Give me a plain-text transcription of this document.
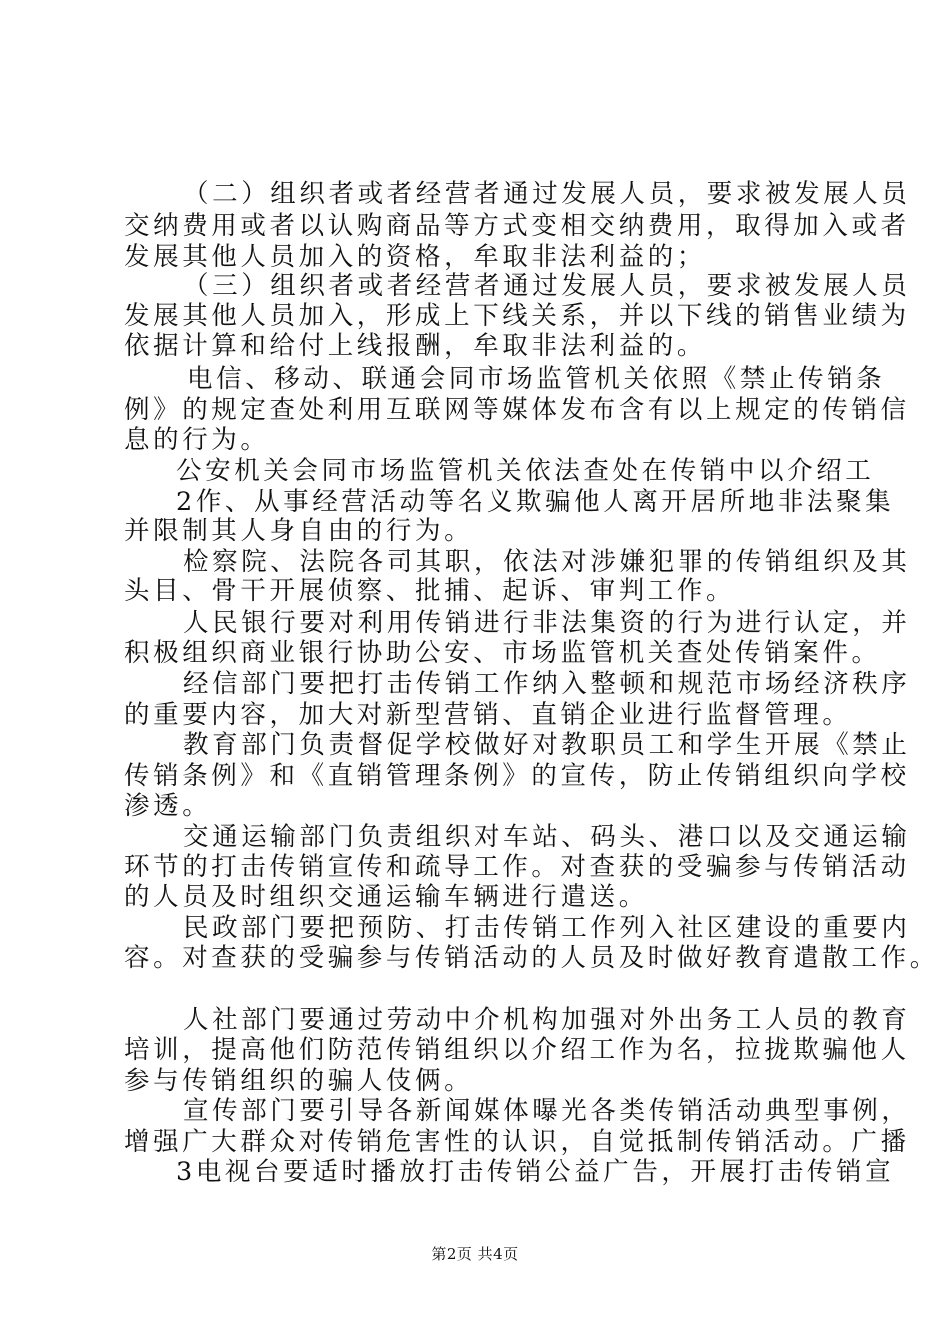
（二）组织者或者经营者通过发展人员，要求被发展人员
交纳费用或者以认购商品等方式变相交纳费用，取得加入或者
发展其他人员加入的资格，牟取非法利益的；
（三）组织者或者经营者通过发展人员，要求被发展人员
发展其他人员加入，形成上下线关系，并以下线的销售业绩为
依据计算和给付上线报酬，牟取非法利益的。
电信、移动、联通会同市场监管机关依照《禁止传销条
例》的规定查处利用互联网等媒体发布含有以上规定的传销信
息的行为。
公安机关会同市场监管机关依法查处在传销中以介绍工
2作、从事经营活动等名义欺骗他人离开居所地非法聚集
并限制其人身自由的行为。
检察院、法院各司其职，依法对涉嫌犯罪的传销组织及其
头目、骨干开展侦察、批捕、起诉、审判工作。
人民银行要对利用传销进行非法集资的行为进行认定，并
积极组织商业银行协助公安、市场监管机关查处传销案件。
经信部门要把打击传销工作纳入整顿和规范市场经济秩序
的重要内容，加大对新型营销、直销企业进行监督管理。
教育部门负责督促学校做好对教职员工和学生开展《禁止
传销条例》和《直销管理条例》的宣传，防止传销组织向学校
渗透。
交通运输部门负责组织对车站、码头、港口以及交通运输
环节的打击传销宣传和疏导工作。对查获的受骗参与传销活动
的人员及时组织交通运输车辆进行遣送。
民政部门要把预防、打击传销工作列入社区建设的重要内
容。对查获的受骗参与传销活动的人员及时做好教育遣散工作。
人社部门要通过劳动中介机构加强对外出务工人员的教育
培训，提高他们防范传销组织以介绍工作为名，拉拢欺骗他人
参与传销组织的骗人伎俩。
宣传部门要引导各新闻媒体曝光各类传销活动典型事例，
增强广大群众对传销危害性的认识，自觉抵制传销活动。广播
3电视台要适时播放打击传销公益广告，开展打击传销宣
第2页 共4页
